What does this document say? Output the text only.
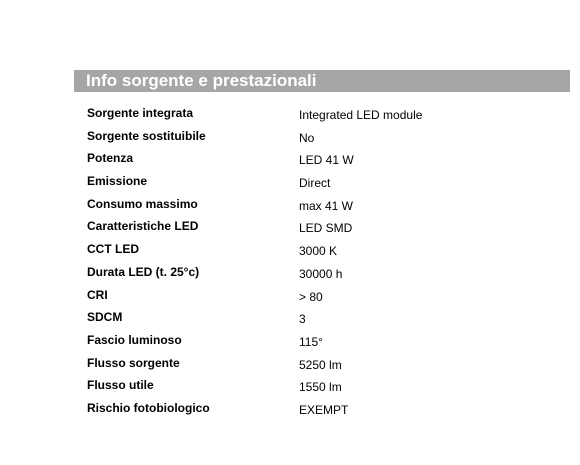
Info sorgente e prestazionali
Sorgente integrata	Integrated LED module
Sorgente sostituibile	No
Potenza	LED 41 W
Emissione	Direct
Consumo massimo	max 41 W
Caratteristiche LED	LED SMD
CCT LED	3000 K
Durata LED (t. 25°c)	30000 h
CRI	> 80
SDCM	3
Fascio luminoso	115°
Flusso sorgente	5250 lm
Flusso utile	1550 lm
Rischio fotobiologico	EXEMPT
